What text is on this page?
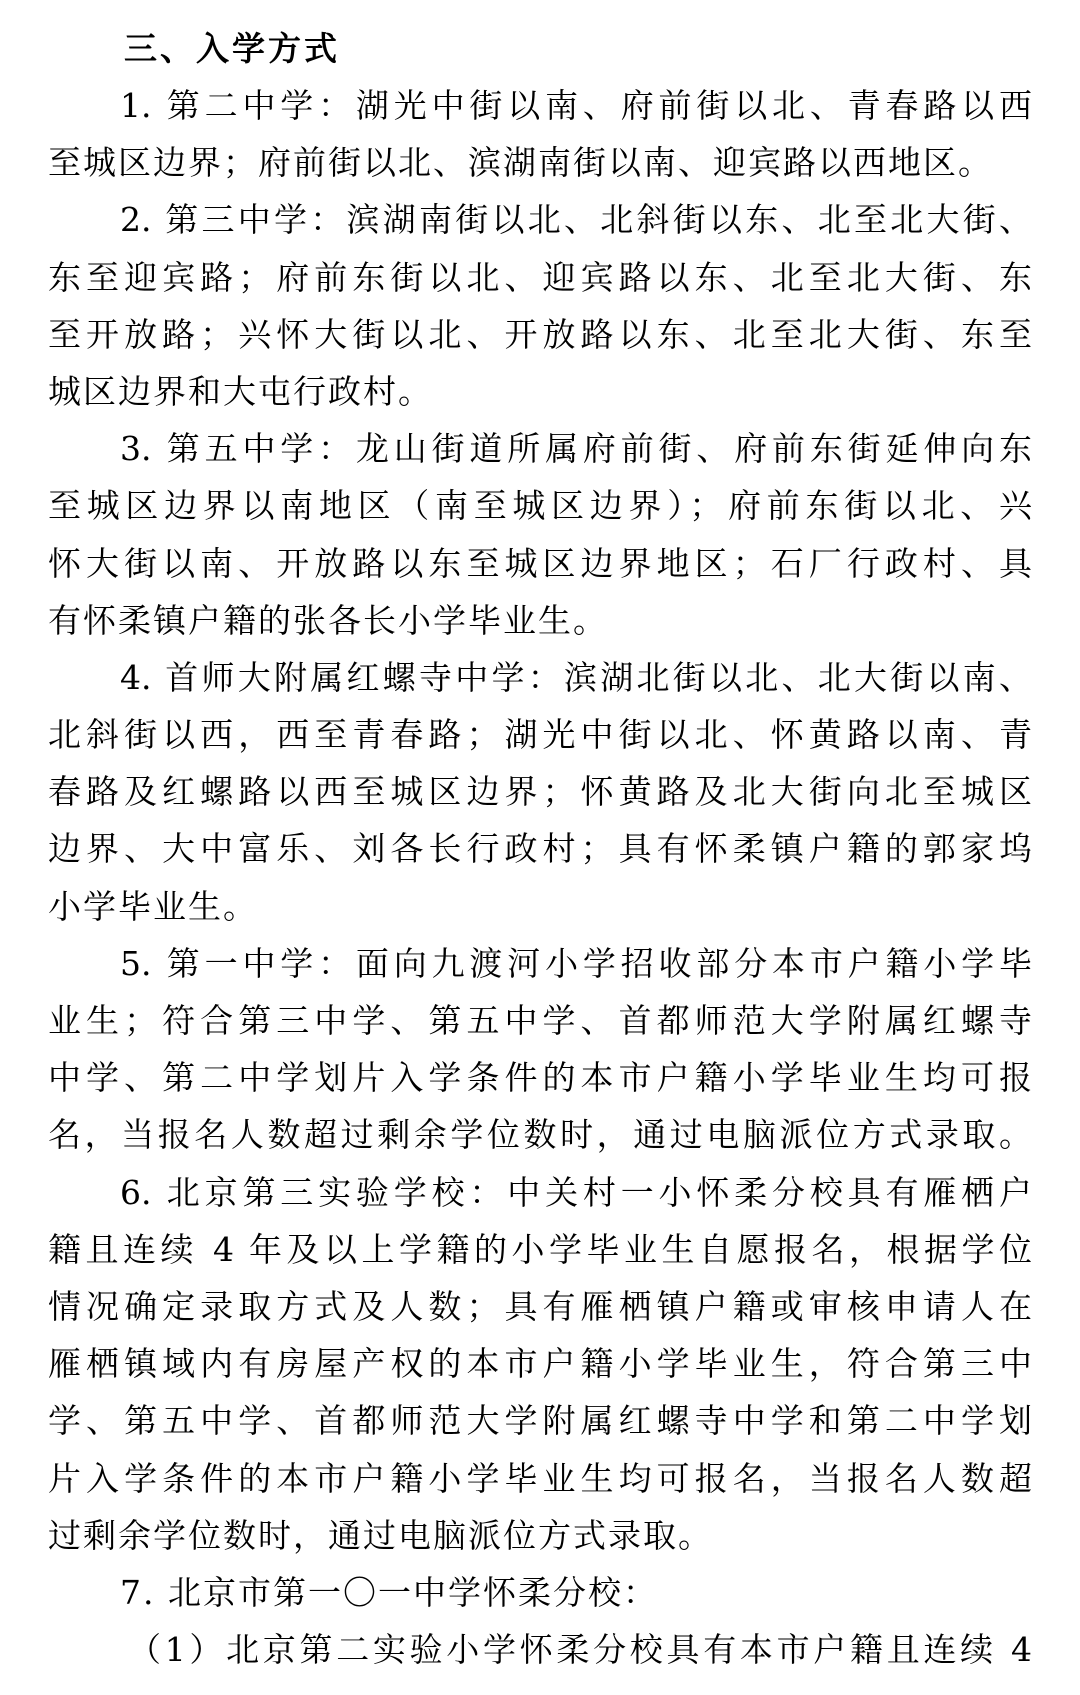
三、入学方式
1. 第二中学：湖光中街以南、府前街以北、青春路以西
至城区边界；府前街以北、滨湖南街以南、迎宾路以西地区。
2. 第三中学：滨湖南街以北、北斜街以东、北至北大街、
东至迎宾路；府前东街以北、迎宾路以东、北至北大街、东
至开放路；兴怀大街以北、开放路以东、北至北大街、东至
城区边界和大屯行政村。
3. 第五中学：龙山街道所属府前街、府前东街延伸向东
至城区边界以南地区（南至城区边界）；府前东街以北、兴
怀大街以南、开放路以东至城区边界地区；石厂行政村、具
有怀柔镇户籍的张各长小学毕业生。
4. 首师大附属红螺寺中学：滨湖北街以北、北大街以南、
北斜街以西，西至青春路；湖光中街以北、怀黄路以南、青
春路及红螺路以西至城区边界；怀黄路及北大街向北至城区
边界、大中富乐、刘各长行政村；具有怀柔镇户籍的郭家坞
小学毕业生。
5. 第一中学：面向九渡河小学招收部分本市户籍小学毕
业生；符合第三中学、第五中学、首都师范大学附属红螺寺
中学、第二中学划片入学条件的本市户籍小学毕业生均可报
名，当报名人数超过剩余学位数时，通过电脑派位方式录取。
6. 北京第三实验学校：中关村一小怀柔分校具有雁栖户
籍且连续 4 年及以上学籍的小学毕业生自愿报名，根据学位
情况确定录取方式及人数；具有雁栖镇户籍或审核申请人在
雁栖镇域内有房屋产权的本市户籍小学毕业生，符合第三中
学、第五中学、首都师范大学附属红螺寺中学和第二中学划
片入学条件的本市户籍小学毕业生均可报名，当报名人数超
过剩余学位数时，通过电脑派位方式录取。
7. 北京市第一〇一中学怀柔分校：
（1）北京第二实验小学怀柔分校具有本市户籍且连续 4
